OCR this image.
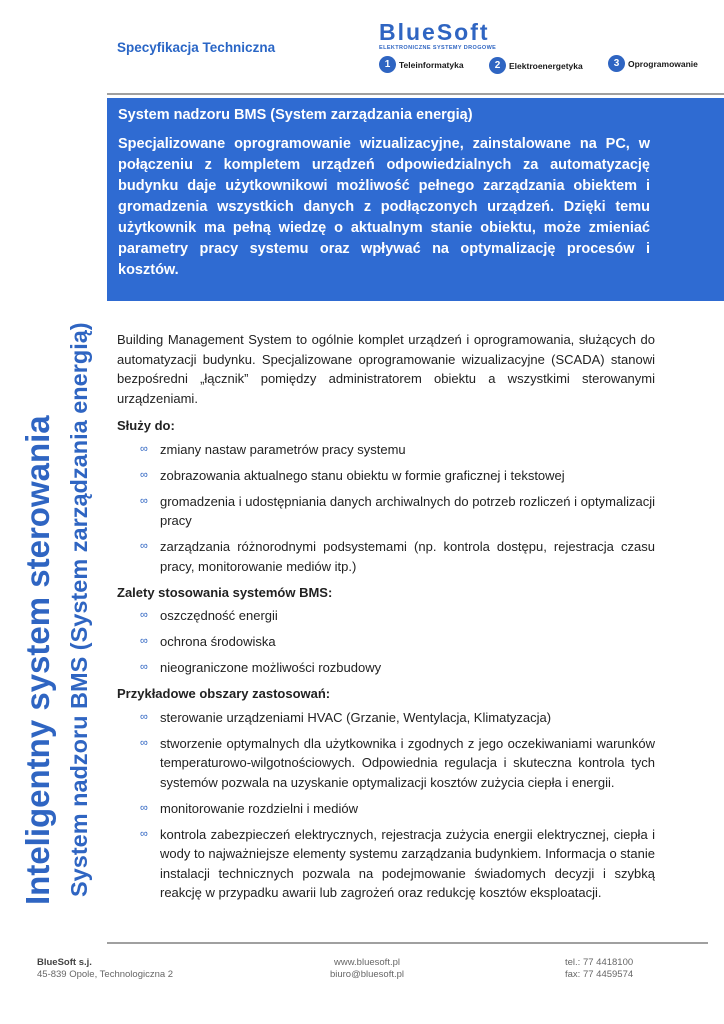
Specyfikacja Techniczna
BlueSoft
ELEKTRONICZNE SYSTEMY DROGOWE
1	Teleinformatyka	2	Elektroenergetyka	3	Oprogramowanie
System nadzoru BMS (System zarządzania energią)
Specjalizowane oprogramowanie wizualizacyjne, zainstalowane na PC, w połączeniu z kompletem urządzeń odpowiedzialnych za automatyzację budynku daje użytkownikowi możliwość pełnego zarządzania obiektem i gromadzenia wszystkich danych z podłączonych urządzeń. Dzięki temu użytkownik ma pełną wiedzę o aktualnym stanie obiektu, może zmieniać parametry pracy systemu oraz wpływać na optymalizację procesów i kosztów.
Inteligentny system sterowania System nadzoru BMS (System zarządzania energią)	Building Management System to ogólnie komplet urządzeń i oprogramowania, służących do automatyzacji budynku. Specjalizowane oprogramowanie wizualizacyjne (SCADA) stanowi bezpośredni „łącznik” pomiędzy administratorem obiektu a wszystkimi sterowanymi urządzeniami.

Służy do:
∞ zmiany nastaw parametrów pracy systemu
∞ zobrazowania aktualnego stanu obiektu w formie graficznej i tekstowej
∞ gromadzenia i udostępniania danych archiwalnych do potrzeb rozliczeń i optymalizacji pracy
∞ zarządzania różnorodnymi podsystemami (np. kontrola dostępu, rejestracja czasu pracy, monitorowanie mediów itp.)
Zalety stosowania systemów BMS:
∞ oszczędność energii
∞ ochrona środowiska
∞ nieograniczone możliwości rozbudowy
Przykładowe obszary zastosowań:
∞ sterowanie urządzeniami HVAC (Grzanie, Wentylacja, Klimatyzacja)
∞ stworzenie optymalnych dla użytkownika i zgodnych z jego oczekiwaniami warunków temperaturowo-wilgotnościowych. Odpowiednia regulacja i skuteczna kontrola tych systemów pozwala na uzyskanie optymalizacji kosztów zużycia ciepła i energii.
∞ monitorowanie rozdzielni i mediów
∞ kontrola zabezpieczeń elektrycznych, rejestracja zużycia energii elektrycznej, ciepła i wody to najważniejsze elementy systemu zarządzania budynkiem. Informacja o stanie instalacji technicznych pozwala na podejmowanie świadomych decyzji i szybką reakcję w przypadku awarii lub zagrożeń oraz redukcję kosztów eksploatacji.
BlueSoft s.j.
45-839 Opole, Technologiczna 2
www.bluesoft.pl
biuro@bluesoft.pl
tel.: 77 4418100
fax: 77 4459574
